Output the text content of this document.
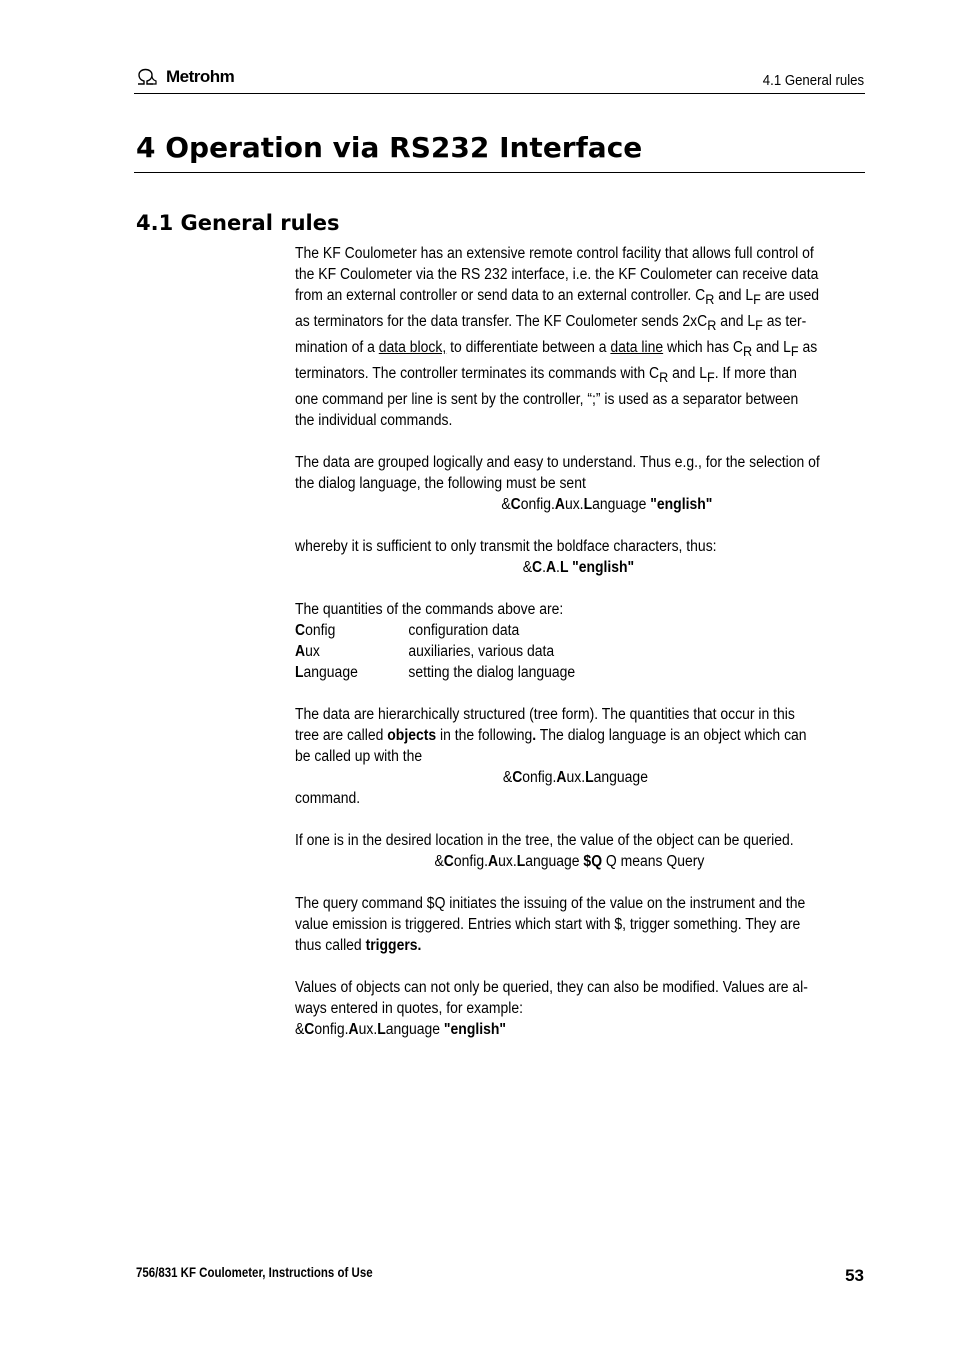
Metrohm	4.1 General rules
4 Operation via RS232 Interface
4.1 General rules

The KF Coulometer has an extensive remote control facility that allows full control of

the KF Coulometer via the RS 232 interface, i.e. the KF Coulometer can receive data

from an external controller or send data to an external controller. CR and LF are used

as terminators for the data transfer. The KF Coulometer sends 2xCR and LF as ter-

mination of a data block, to differentiate between a data line which has CR and LF as

terminators. The controller terminates its commands with CR and LF. If more than

one command per line is sent by the controller, “;” is used as a separator between

the individual commands.

The data are grouped logically and easy to understand. Thus e.g., for the selection of

the dialog language, the following must be sent

&Config.Aux.Language "english"

whereby it is sufficient to only transmit the boldface characters, thus:

&C.A.L "english"

The quantities of the commands above are:

Config	configuration data
Aux	auxiliaries, various data
Language	setting the dialog language

The data are hierarchically structured (tree form). The quantities that occur in this

tree are called objects in the following. The dialog language is an object which can

be called up with the

&Config.Aux.Language

command.

If one is in the desired location in the tree, the value of the object can be queried.

&Config.Aux.Language $Q Q means Query

The query command $Q initiates the issuing of the value on the instrument and the

value emission is triggered. Entries which start with $, trigger something. They are

thus called triggers.

Values of objects can not only be queried, they can also be modified. Values are al-

ways entered in quotes, for example:

&Config.Aux.Language "english"

756/831 KF Coulometer, Instructions of Use	53
